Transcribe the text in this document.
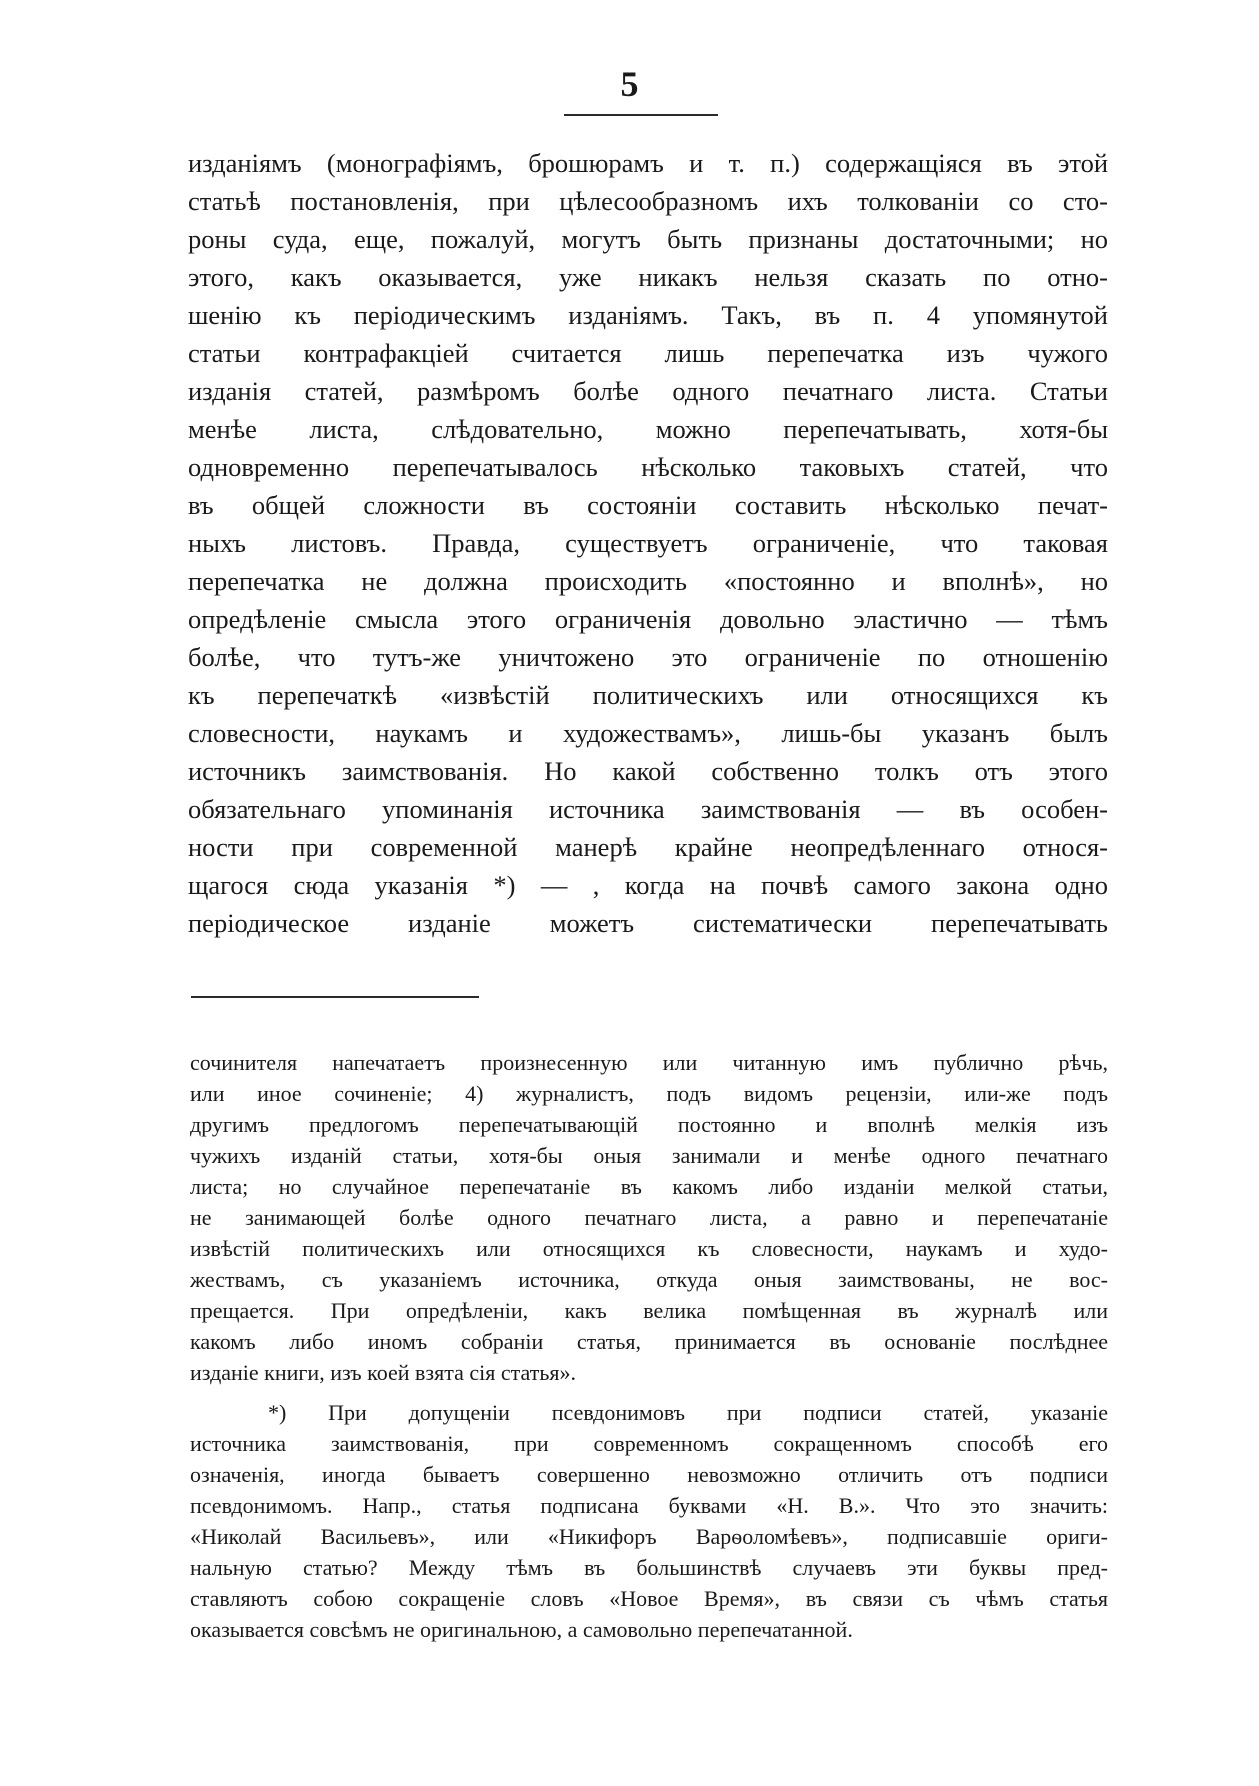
5
изданіямъ (монографіямъ, брошюрамъ и т. п.) содержащіяся въ этой
статьѣ постановленія, при цѣлесообразномъ ихъ толкованіи со сто-
роны суда, еще, пожалуй, могутъ быть признаны достаточными; но
этого, какъ оказывается, уже никакъ нельзя сказать по отно-
шенію къ періодическимъ изданіямъ. Такъ, въ п. 4 упомянутой
статьи контрафакціей считается лишь перепечатка изъ чужого
изданія статей, размѣромъ болѣе одного печатнаго листа. Статьи
менѣе листа, слѣдовательно, можно перепечатывать, хотя-бы
одновременно перепечатывалось нѣсколько таковыхъ статей, что
въ общей сложности въ состояніи составить нѣсколько печат-
ныхъ листовъ. Правда, существуетъ ограниченіе, что таковая
перепечатка не должна происходить «постоянно и вполнѣ», но
опредѣленіе смысла этого ограниченія довольно эластично — тѣмъ
болѣе, что тутъ-же уничтожено это ограниченіе по отношенію
къ перепечаткѣ «извѣстій политическихъ или относящихся къ
словесности, наукамъ и художествамъ», лишь-бы указанъ былъ
источникъ заимствованія. Но какой собственно толкъ отъ этого
обязательнаго упоминанія источника заимствованія — въ особен-
ности при современной манерѣ крайне неопредѣленнаго относя-
щагося сюда указанія *) — , когда на почвѣ самого закона одно
періодическое изданіе можетъ систематически перепечатывать
сочинителя напечатаетъ произнесенную или читанную имъ публично рѣчь,
или иное сочиненіе; 4) журналистъ, подъ видомъ рецензіи, или-же подъ
другимъ предлогомъ перепечатывающій постоянно и вполнѣ мелкія изъ
чужихъ изданій статьи, хотя-бы оныя занимали и менѣе одного печатнаго
листа; но случайное перепечатаніе въ какомъ либо изданіи мелкой статьи,
не занимающей болѣе одного печатнаго листа, а равно и перепечатаніе
извѣстій политическихъ или относящихся къ словесности, наукамъ и худо-
жествамъ, съ указаніемъ источника, откуда оныя заимствованы, не вос-
прещается. При опредѣленіи, какъ велика помѣщенная въ журналѣ или
какомъ либо иномъ собраніи статья, принимается въ основаніе послѣднее
изданіе книги, изъ коей взята сія статья».
*) При допущеніи псевдонимовъ при подписи статей, указаніе
источника заимствованія, при современномъ сокращенномъ способѣ его
означенія, иногда бываетъ совершенно невозможно отличить отъ подписи
псевдонимомъ. Напр., статья подписана буквами «Н. В.». Что это значить:
«Николай Васильевъ», или «Никифоръ Варѳоломѣевъ», подписавшіе ориги-
нальную статью? Между тѣмъ въ большинствѣ случаевъ эти буквы пред-
ставляютъ собою сокращеніе словъ «Новое Время», въ связи съ чѣмъ статья
оказывается совсѣмъ не оригинальною, а самовольно перепечатанной.
